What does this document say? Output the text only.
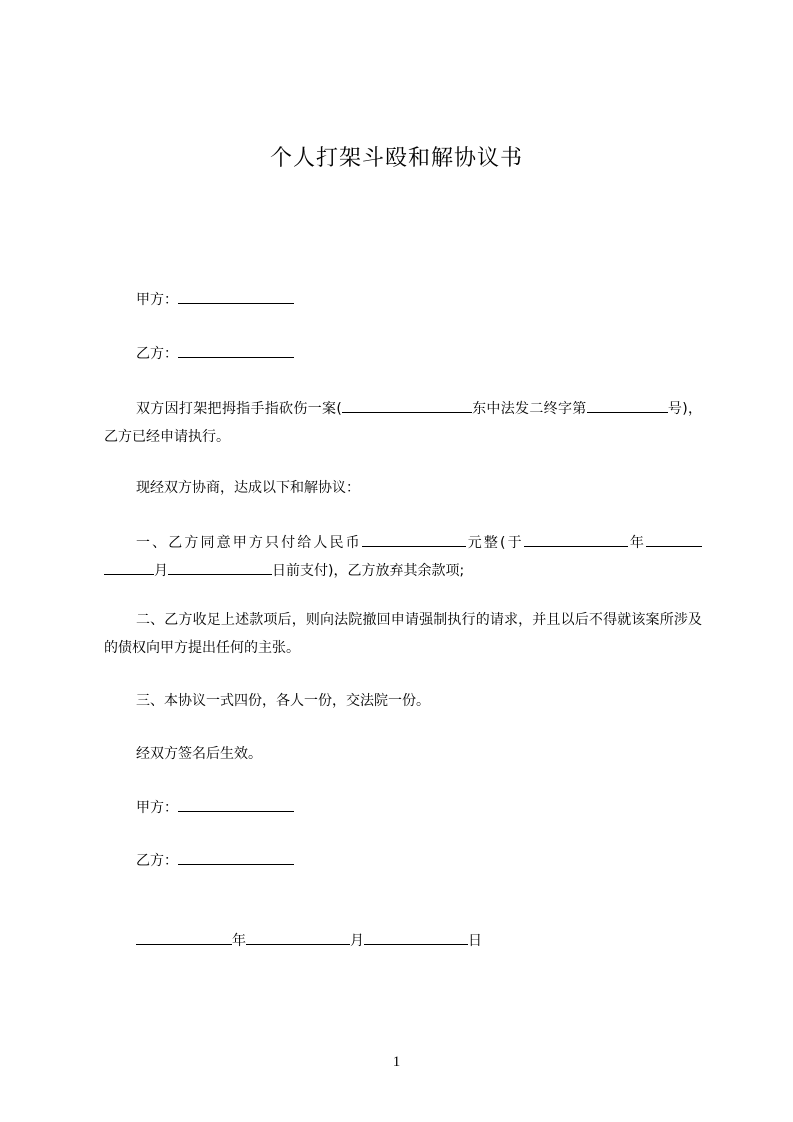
个人打架斗殴和解协议书
甲方：
乙方：
双方因打架把拇指手指砍伤一案(	东中法发二终字第	号)，乙方已经申请执行。
现经双方协商，达成以下和解协议：
一、乙方同意甲方只付给人民币	元整(于	年月	日前支付)，乙方放弃其余款项;
二、乙方收足上述款项后，则向法院撤回申请强制执行的请求，并且以后不得就该案所涉及的债权向甲方提出任何的主张。
三、本协议一式四份，各人一份，交法院一份。
经双方签名后生效。
甲方：
乙方：
年	月	日
1
